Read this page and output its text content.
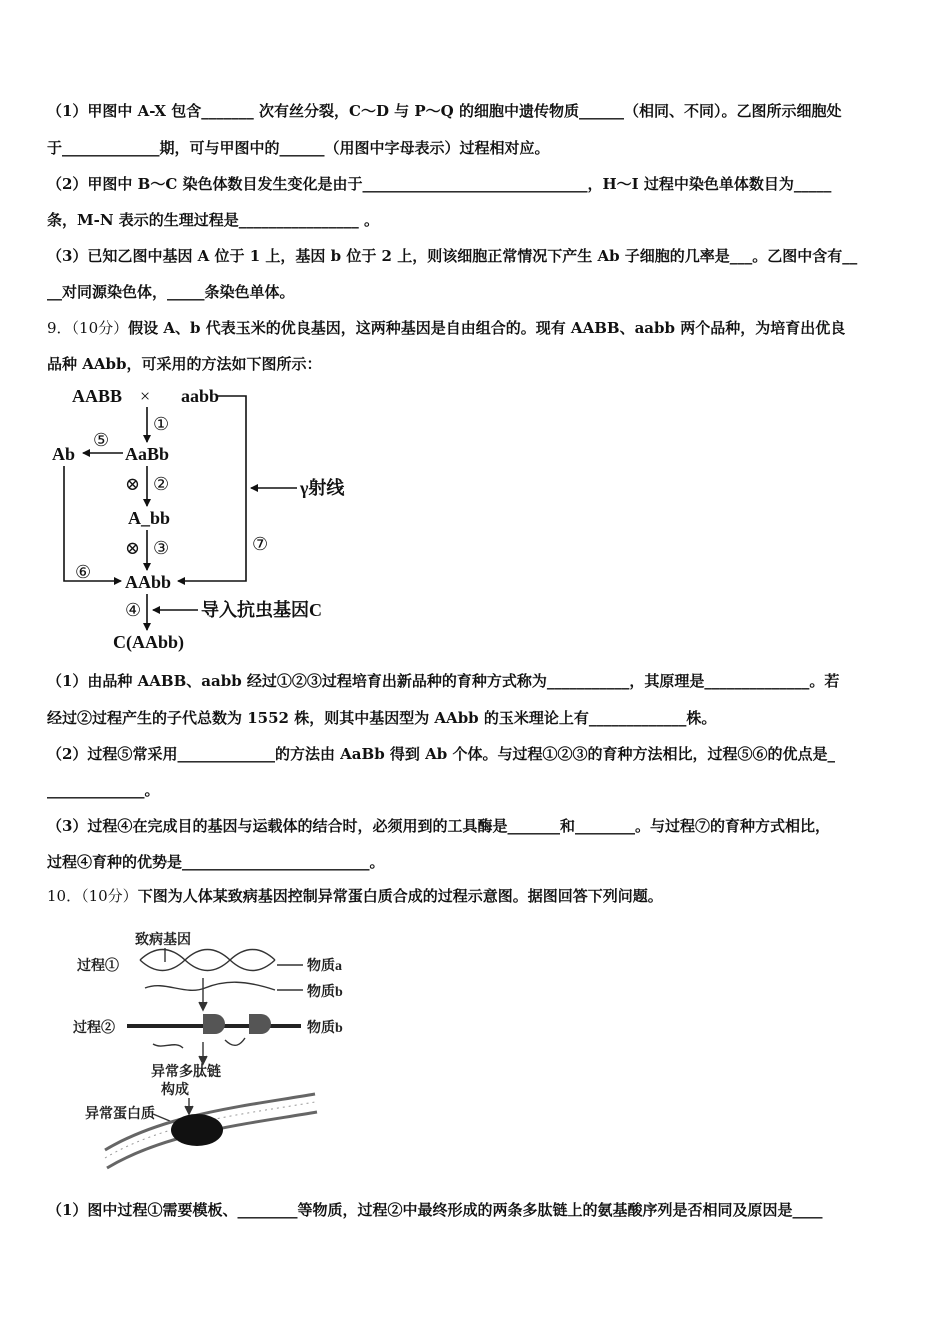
（1）甲图中 A-X 包含_______ 次有丝分裂，C～D 与 P～Q 的细胞中遗传物质______（相同、不同）。乙图所示细胞处
于_____________期，可与甲图中的______（用图中字母表示）过程相对应。
（2）甲图中 B～C 染色体数目发生变化是由于______________________________，H～I 过程中染色单体数目为_____
条，M-N 表示的生理过程是________________ 。
（3）已知乙图中基因 A 位于 1 上，基因 b 位于 2 上，则该细胞正常情况下产生 Ab 子细胞的几率是___。乙图中含有__
__对同源染色体，_____条染色单体。
9．（10分）假设 A、b 代表玉米的优良基因，这两种基因是自由组合的。现有 AABB、aabb 两个品种，为培育出优良
品种 AAbb，可采用的方法如下图所示：
AABB × aabb
①
AaBb
⑤
Ab
⊗ ②
A_bb
⊗ ③
⑥ AAbb
⑦
γ射线
④	导入抗虫基因C
C(AAbb)
（1）由品种 AABB、aabb 经过①②③过程培育出新品种的育种方式称为___________，其原理是______________。若
经过②过程产生的子代总数为 1552 株，则其中基因型为 AAbb 的玉米理论上有_____________株。
（2）过程⑤常采用_____________的方法由 AaBb 得到 Ab 个体。与过程①②③的育种方法相比，过程⑤⑥的优点是_
_____________。
（3）过程④在完成目的基因与运载体的结合时，必须用到的工具酶是_______和________。与过程⑦的育种方式相比，
过程④育种的优势是_________________________。
10．（10分）下图为人体某致病基因控制异常蛋白质合成的过程示意图。据图回答下列问题。
致病基因
过程①	物质a
物质b
过程②	物质b
异常多肽链
构成
异常蛋白质
（1）图中过程①需要模板、________等物质，过程②中最终形成的两条多肽链上的氨基酸序列是否相同及原因是____
